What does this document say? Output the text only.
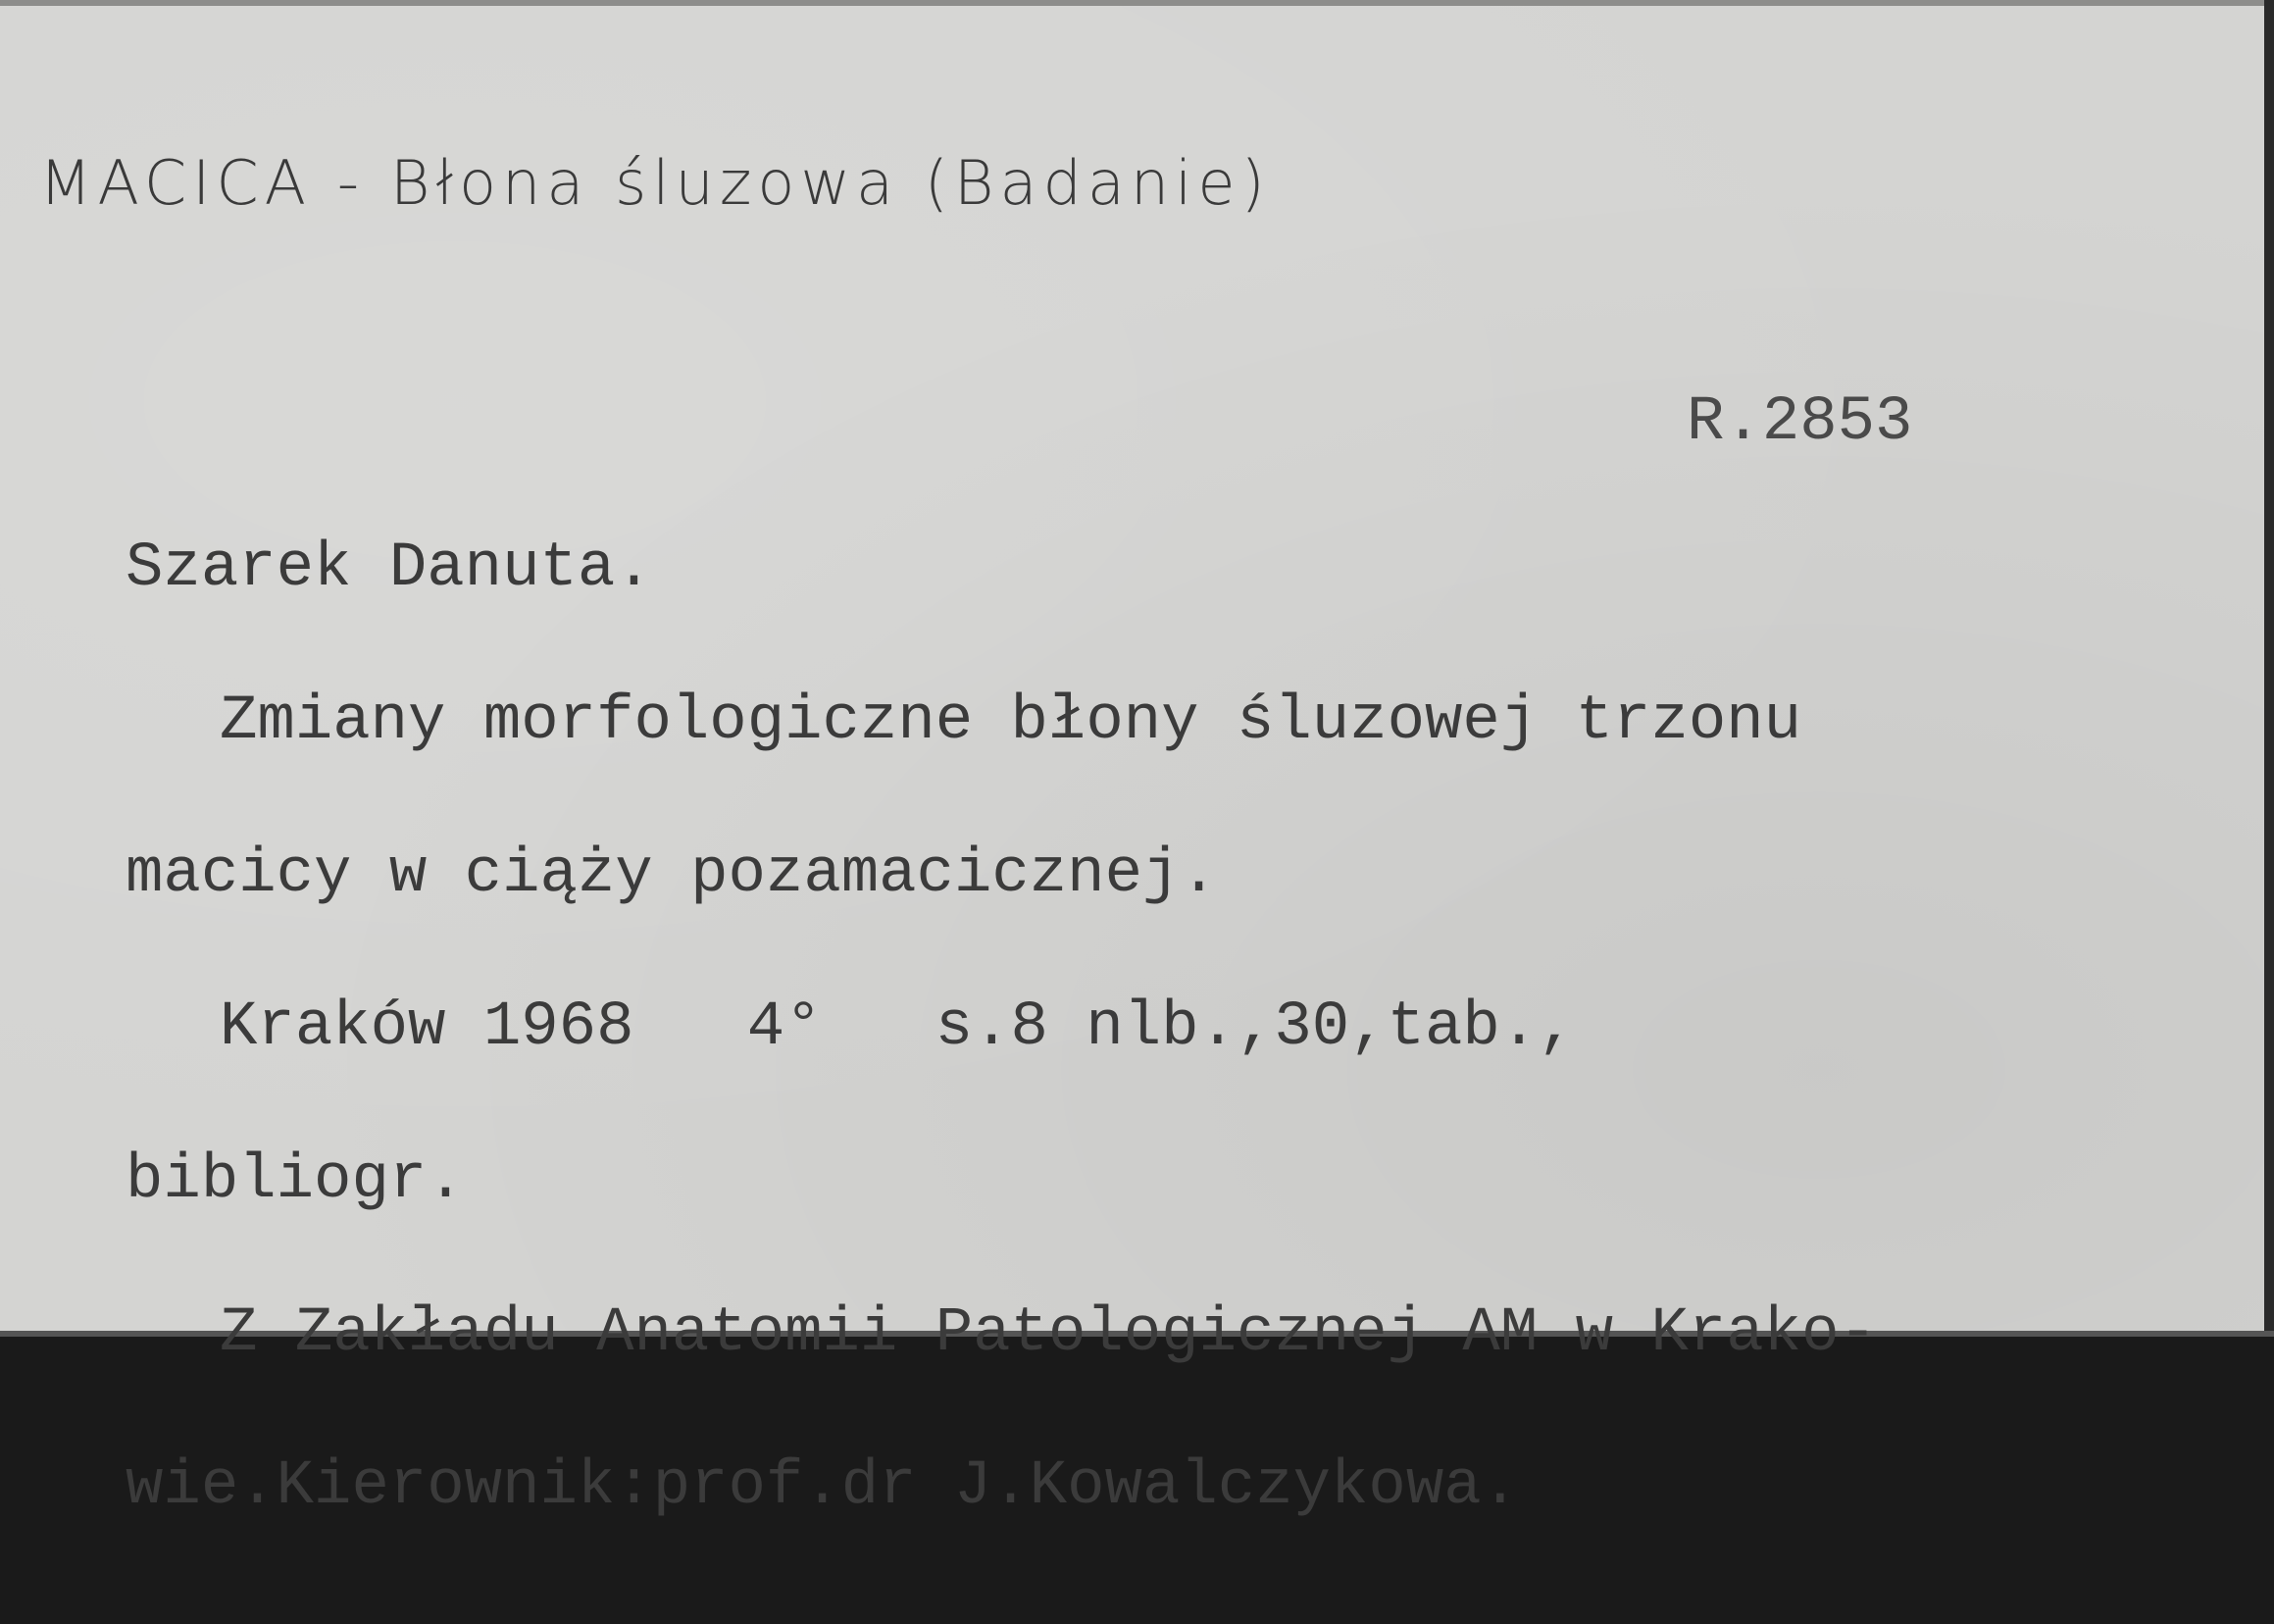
MACICA - Błona śluzowa (Badanie)
R.2853

Szarek Danuta.

Zmiany morfologiczne błony śluzowej trzonu

macicy w ciąży pozamacicznej.

Kraków 1968   4°   s.8 nlb.,30,tab.,

bibliogr.

Z Zakładu Anatomii Patologicznej AM w Krako-

wie.Kierownik:prof.dr J.Kowalczykowa.
